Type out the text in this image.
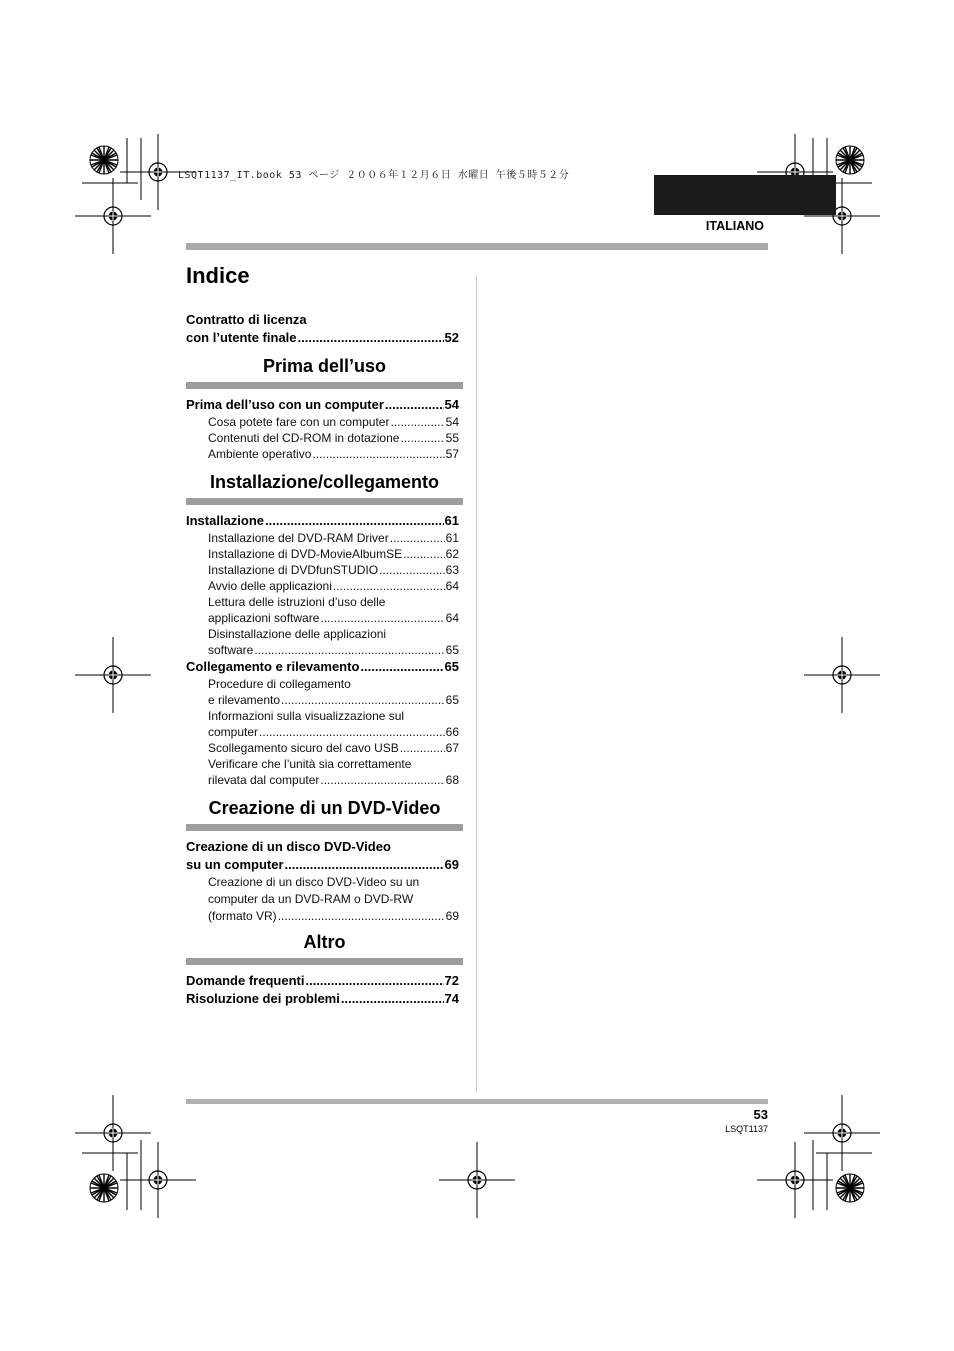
LSQT1137_IT.book 53 ページ ２００６年１２月６日 水曜日 午後５時５２分
ITALIANO
Indice
Contratto di licenza
con l’utente finale .....	52
Prima dell’uso
Prima dell’uso con un computer .....	54
Cosa potete fare con un computer .....	54
Contenuti del CD-ROM in dotazione .....	55
Ambiente operativo .....	57
Installazione/collegamento
Installazione .....	61
Installazione del DVD-RAM Driver .....	61
Installazione di DVD-MovieAlbumSE .....	62
Installazione di DVDfunSTUDIO .....	63
Avvio delle applicazioni .....	64
Lettura delle istruzioni d’uso delle
applicazioni software .....	64
Disinstallazione delle applicazioni
software .....	65
Collegamento e rilevamento .....	65
Procedure di collegamento
e rilevamento .....	65
Informazioni sulla visualizzazione sul
computer .....	66
Scollegamento sicuro del cavo USB .....	67
Verificare che l’unità sia correttamente
rilevata dal computer .....	68
Creazione di un DVD-Video
Creazione di un disco DVD-Video
su un computer .....	69
Creazione di un disco DVD-Video su un
computer da un DVD-RAM o DVD-RW
(formato VR) .....	69
Altro
Domande frequenti .....	72
Risoluzione dei problemi .....	74
53
LSQT1137
